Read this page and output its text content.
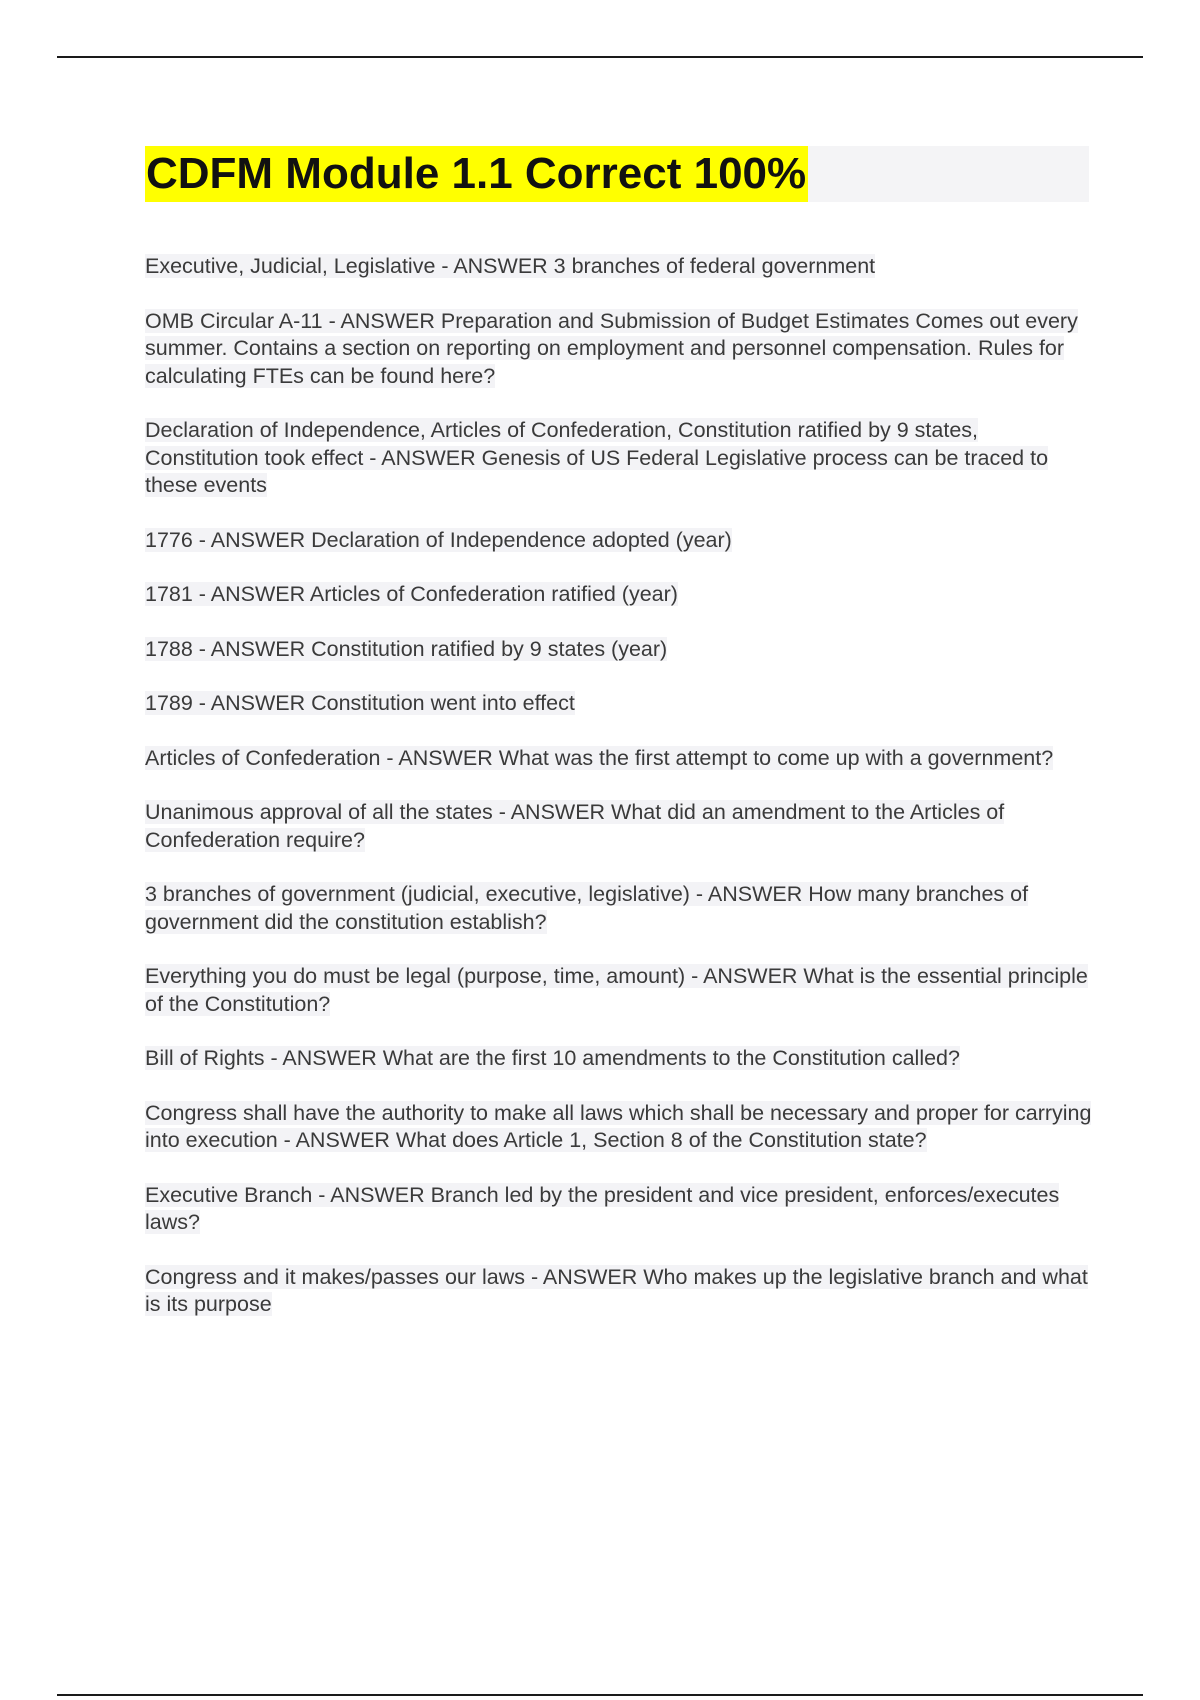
CDFM Module 1.1 Correct 100%
Executive, Judicial, Legislative - ANSWER 3 branches of federal government
OMB Circular A-11 - ANSWER Preparation and Submission of Budget Estimates Comes out every summer. Contains a section on reporting on employment and personnel compensation. Rules for calculating FTEs can be found here?
Declaration of Independence, Articles of Confederation, Constitution ratified by 9 states, Constitution took effect - ANSWER Genesis of US Federal Legislative process can be traced to these events
1776 - ANSWER Declaration of Independence adopted (year)
1781 - ANSWER Articles of Confederation ratified (year)
1788 - ANSWER Constitution ratified by 9 states (year)
1789 - ANSWER Constitution went into effect
Articles of Confederation - ANSWER What was the first attempt to come up with a government?
Unanimous approval of all the states - ANSWER What did an amendment to the Articles of Confederation require?
3 branches of government (judicial, executive, legislative) - ANSWER How many branches of government did the constitution establish?
Everything you do must be legal (purpose, time, amount) - ANSWER What is the essential principle of the Constitution?
Bill of Rights - ANSWER What are the first 10 amendments to the Constitution called?
Congress shall have the authority to make all laws which shall be necessary and proper for carrying into execution - ANSWER What does Article 1, Section 8 of the Constitution state?
Executive Branch - ANSWER Branch led by the president and vice president, enforces/executes laws?
Congress and it makes/passes our laws - ANSWER Who makes up the legislative branch and what is its purpose
